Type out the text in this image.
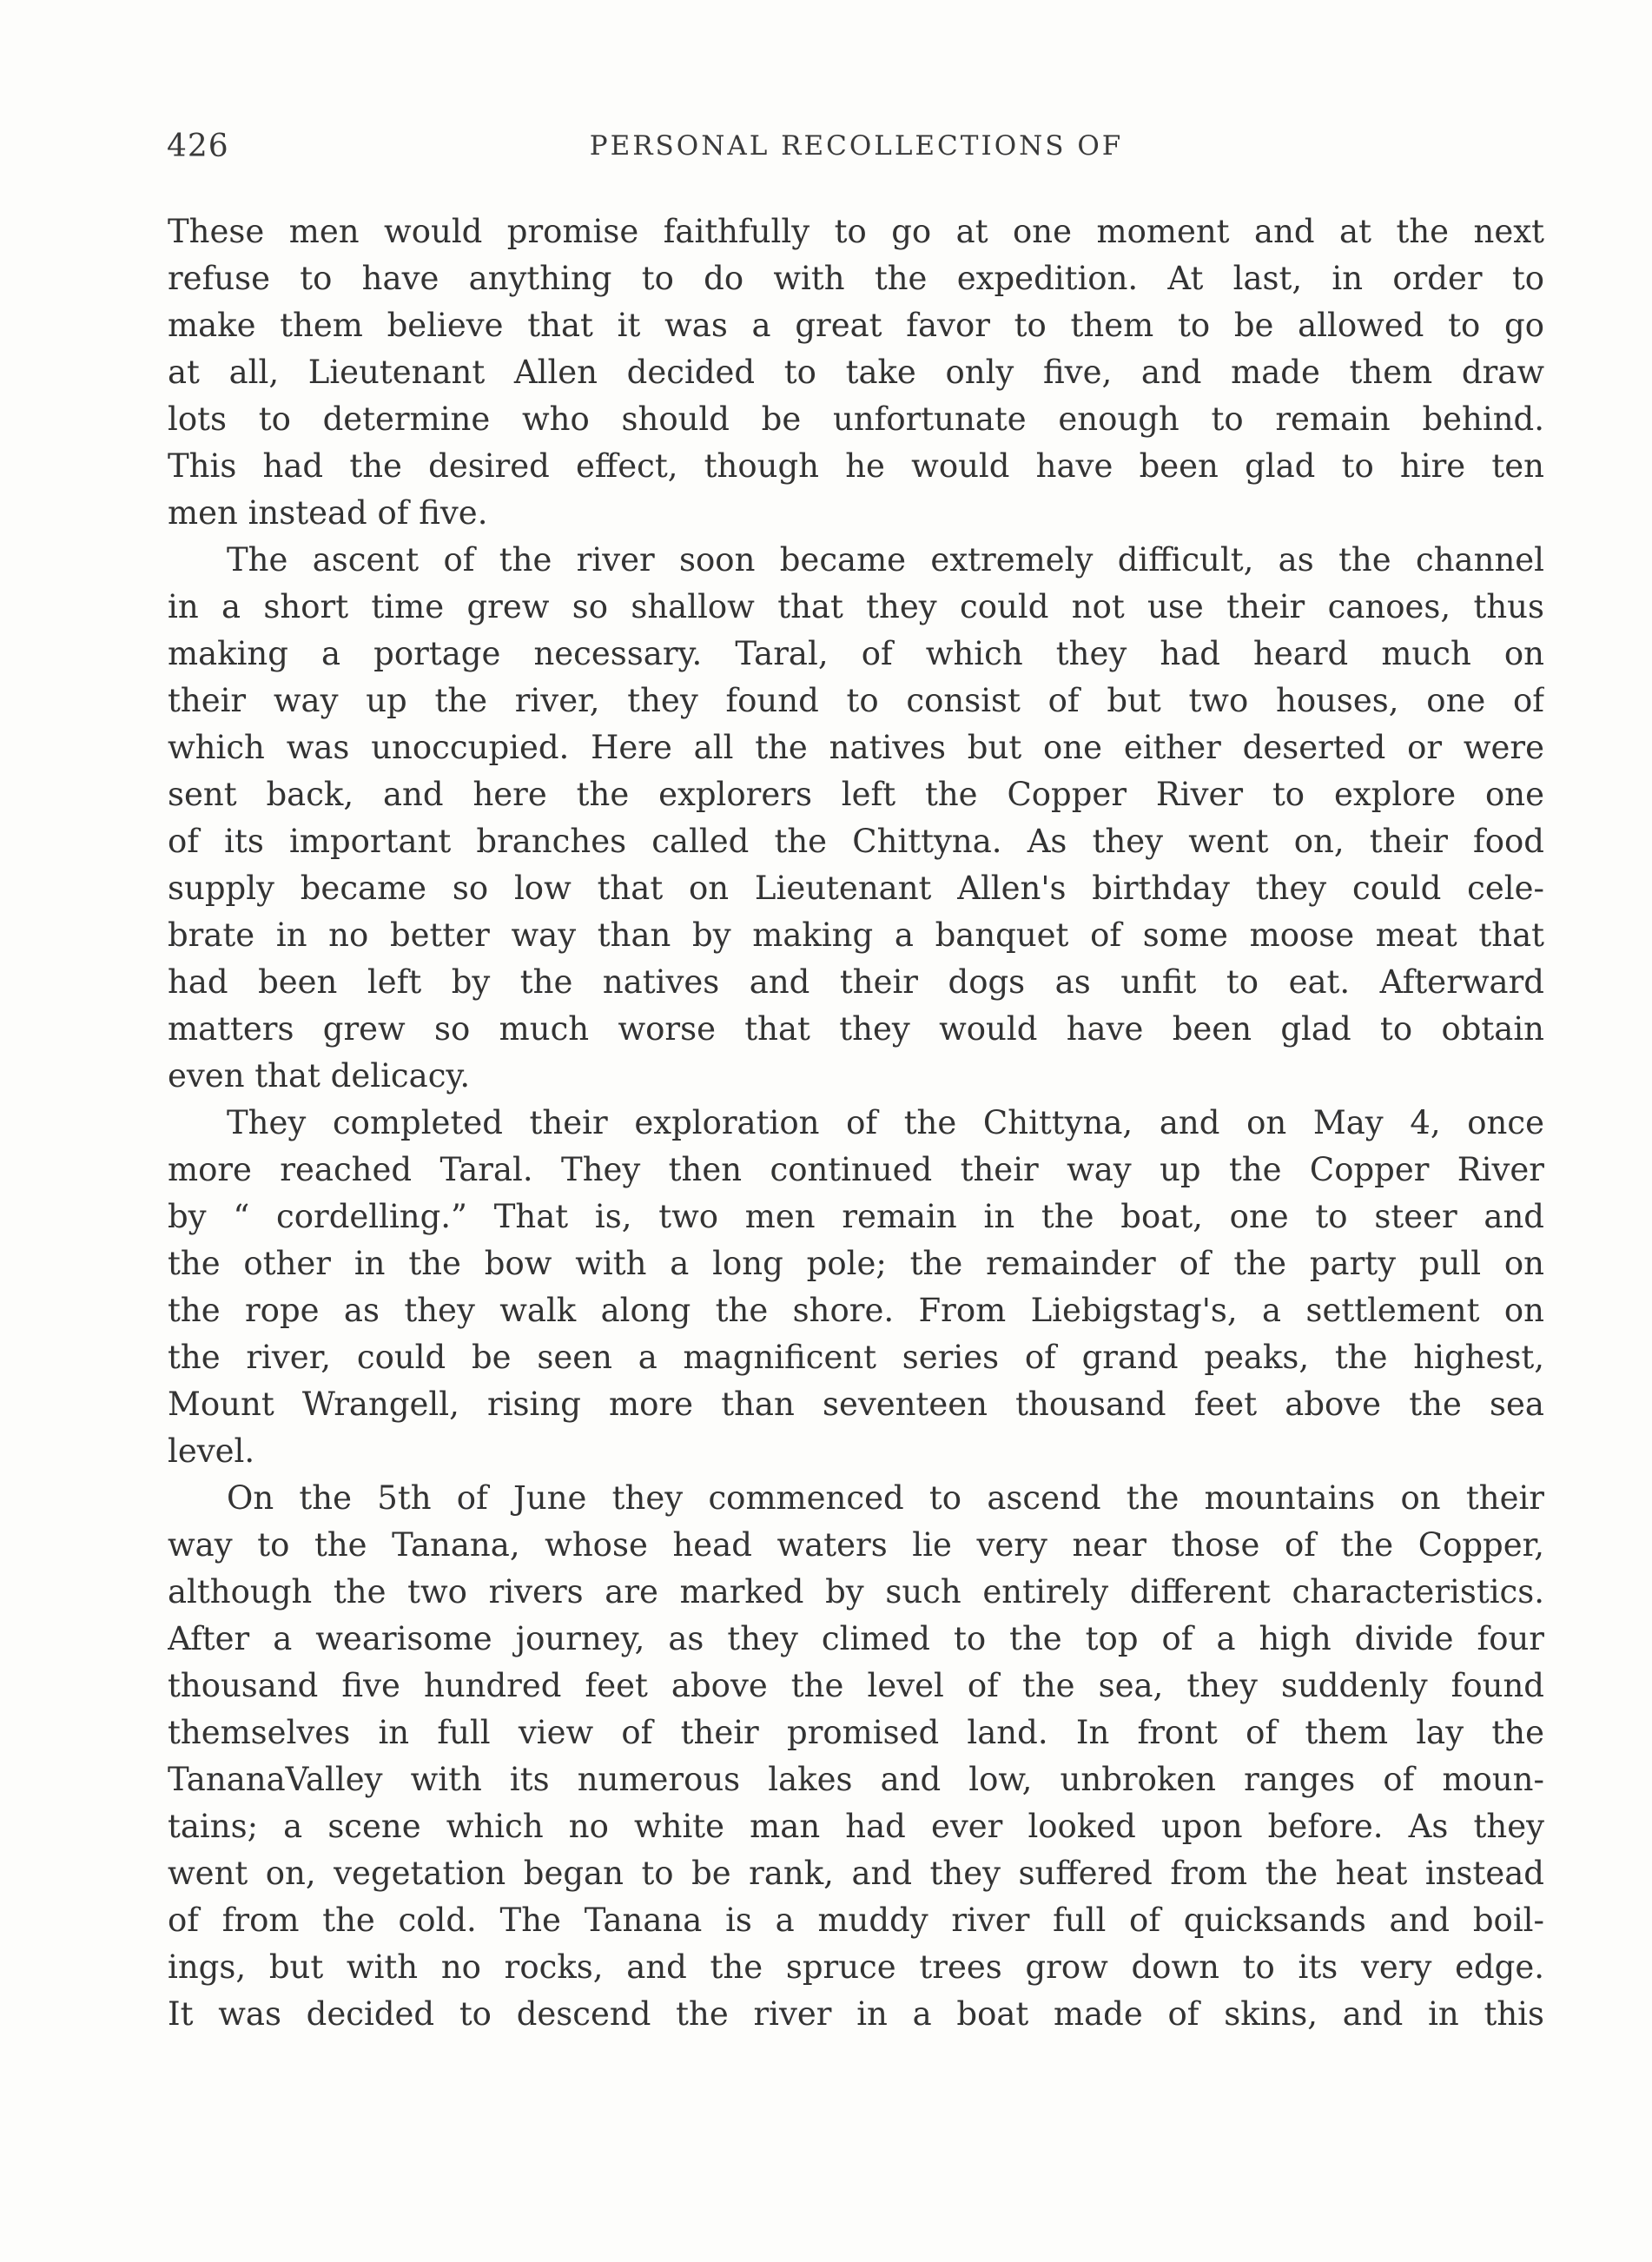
426	PERSONAL RECOLLECTIONS OF
These men would promise faithfully to go at one moment and at the next
refuse to have anything to do with the expedition. At last, in order to
make them believe that it was a great favor to them to be allowed to go
at all, Lieutenant Allen decided to take only five, and made them draw
lots to determine who should be unfortunate enough to remain behind.
This had the desired effect, though he would have been glad to hire ten
men instead of five.
The ascent of the river soon became extremely difficult, as the channel
in a short time grew so shallow that they could not use their canoes, thus
making a portage necessary. Taral, of which they had heard much on
their way up the river, they found to consist of but two houses, one of
which was unoccupied. Here all the natives but one either deserted or were
sent back, and here the explorers left the Copper River to explore one
of its important branches called the Chittyna. As they went on, their food
supply became so low that on Lieutenant Allen's birthday they could cele-
brate in no better way than by making a banquet of some moose meat that
had been left by the natives and their dogs as unfit to eat. Afterward
matters grew so much worse that they would have been glad to obtain
even that delicacy.
They completed their exploration of the Chittyna, and on May 4, once
more reached Taral. They then continued their way up the Copper River
by “ cordelling.” That is, two men remain in the boat, one to steer and
the other in the bow with a long pole; the remainder of the party pull on
the rope as they walk along the shore. From Liebigstag's, a settlement on
the river, could be seen a magnificent series of grand peaks, the highest,
Mount Wrangell, rising more than seventeen thousand feet above the sea
level.
On the 5th of June they commenced to ascend the mountains on their
way to the Tanana, whose head waters lie very near those of the Copper,
although the two rivers are marked by such entirely different characteristics.
After a wearisome journey, as they climed to the top of a high divide four
thousand five hundred feet above the level of the sea, they suddenly found
themselves in full view of their promised land. In front of them lay the
TananaValley with its numerous lakes and low, unbroken ranges of moun-
tains; a scene which no white man had ever looked upon before. As they
went on, vegetation began to be rank, and they suffered from the heat instead
of from the cold. The Tanana is a muddy river full of quicksands and boil-
ings, but with no rocks, and the spruce trees grow down to its very edge.
It was decided to descend the river in a boat made of skins, and in this
